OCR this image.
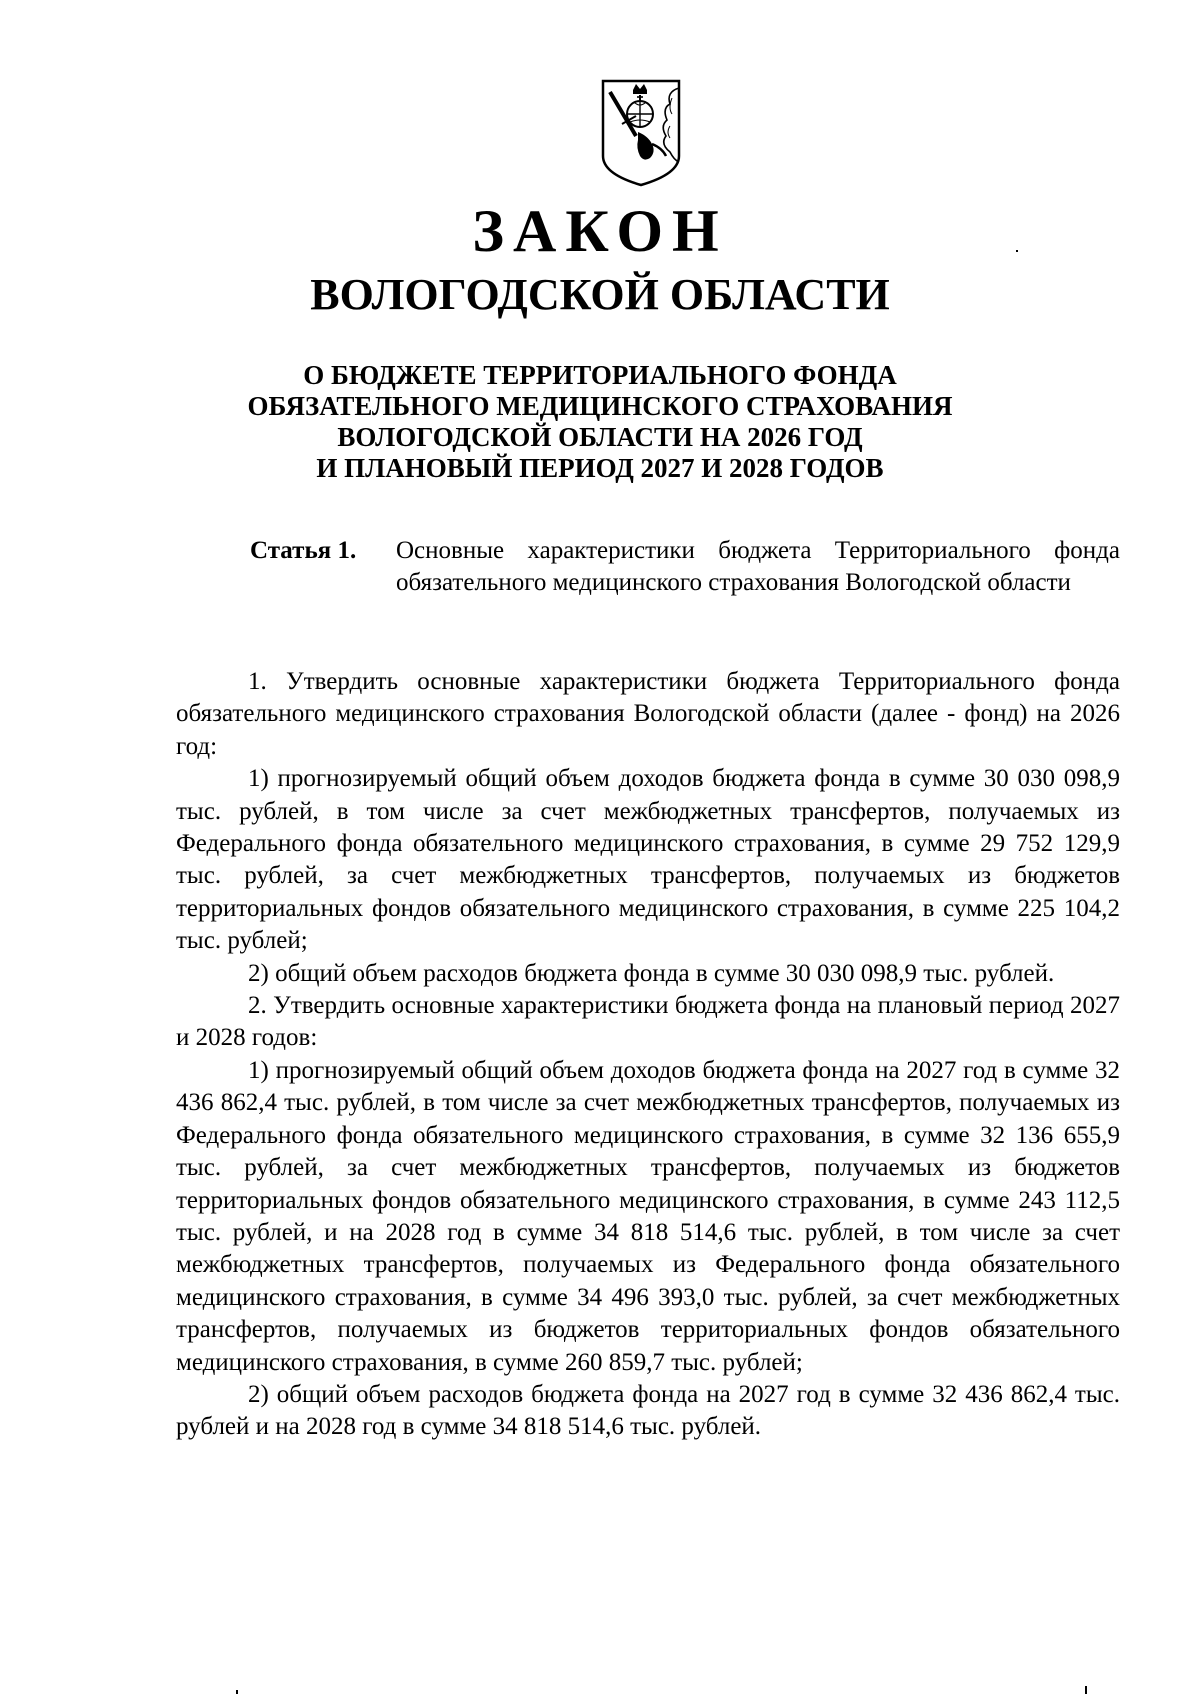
ЗАКОН
ВОЛОГОДСКОЙ ОБЛАСТИ
О БЮДЖЕТЕ ТЕРРИТОРИАЛЬНОГО ФОНДА
ОБЯЗАТЕЛЬНОГО МЕДИЦИНСКОГО СТРАХОВАНИЯ
ВОЛОГОДСКОЙ ОБЛАСТИ НА 2026 ГОД
И ПЛАНОВЫЙ ПЕРИОД 2027 И 2028 ГОДОВ
Статья 1. Основные характеристики бюджета Территориального фонда обязательного медицинского страхования Вологодской области

1. Утвердить основные характеристики бюджета Территориального фонда обязательного медицинского страхования Вологодской области (далее - фонд) на 2026 год:

1) прогнозируемый общий объем доходов бюджета фонда в сумме 30 030 098,9 тыс. рублей, в том числе за счет межбюджетных трансфертов, получаемых из Федерального фонда обязательного медицинского страхования, в сумме 29 752 129,9 тыс. рублей, за счет межбюджетных трансфертов, получаемых из бюджетов территориальных фондов обязательного медицинского страхования, в сумме 225 104,2 тыс. рублей;

2) общий объем расходов бюджета фонда в сумме 30 030 098,9 тыс. рублей.

2. Утвердить основные характеристики бюджета фонда на плановый период 2027 и 2028 годов:

1) прогнозируемый общий объем доходов бюджета фонда на 2027 год в сумме 32 436 862,4 тыс. рублей, в том числе за счет межбюджетных трансфертов, получаемых из Федерального фонда обязательного медицинского страхования, в сумме 32 136 655,9 тыс. рублей, за счет межбюджетных трансфертов, получаемых из бюджетов территориальных фондов обязательного медицинского страхования, в сумме 243 112,5 тыс. рублей, и на 2028 год в сумме 34 818 514,6 тыс. рублей, в том числе за счет межбюджетных трансфертов, получаемых из Федерального фонда обязательного медицинского страхования, в сумме 34 496 393,0 тыс. рублей, за счет межбюджетных трансфертов, получаемых из бюджетов территориальных фондов обязательного медицинского страхования, в сумме 260 859,7 тыс. рублей;

2) общий объем расходов бюджета фонда на 2027 год в сумме 32 436 862,4 тыс. рублей и на 2028 год в сумме 34 818 514,6 тыс. рублей.
